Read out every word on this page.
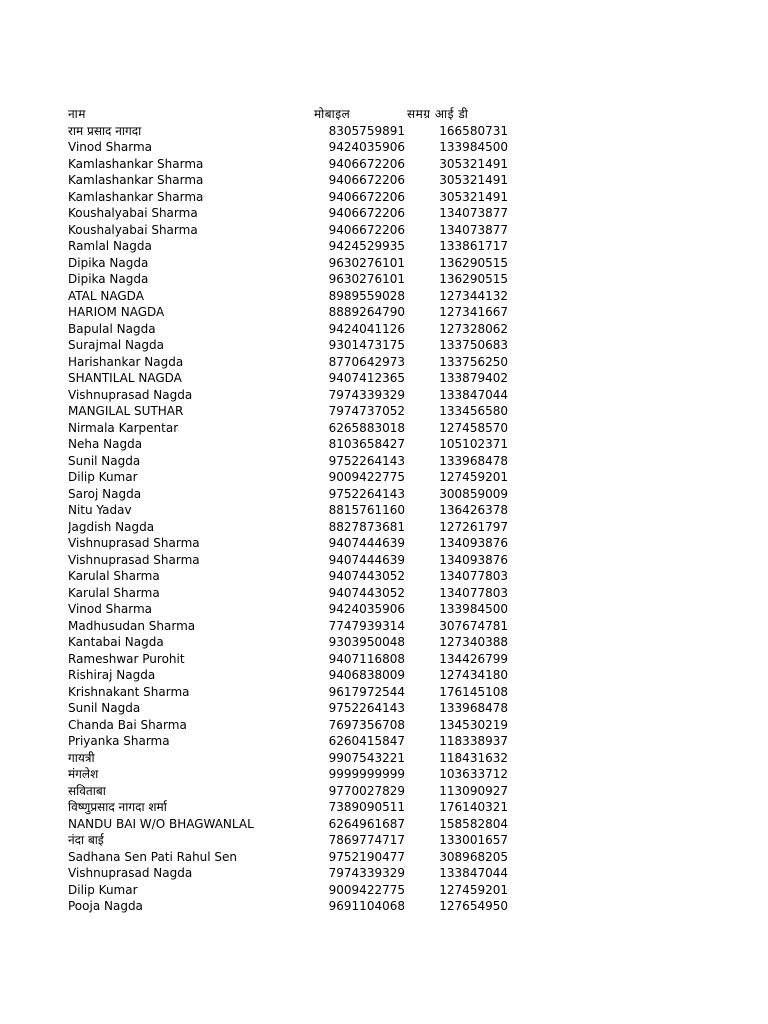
नाम	मोबाइल	समग्र आई डी
राम प्रसाद नागदा	8305759891	166580731
Vinod Sharma	9424035906	133984500
Kamlashankar Sharma	9406672206	305321491
Kamlashankar Sharma	9406672206	305321491
Kamlashankar Sharma	9406672206	305321491
Koushalyabai Sharma	9406672206	134073877
Koushalyabai Sharma	9406672206	134073877
Ramlal Nagda	9424529935	133861717
Dipika Nagda	9630276101	136290515
Dipika Nagda	9630276101	136290515
ATAL NAGDA	8989559028	127344132
HARIOM NAGDA	8889264790	127341667
Bapulal Nagda	9424041126	127328062
Surajmal Nagda	9301473175	133750683
Harishankar Nagda	8770642973	133756250
SHANTILAL NAGDA	9407412365	133879402
Vishnuprasad Nagda	7974339329	133847044
MANGILAL SUTHAR	7974737052	133456580
Nirmala Karpentar	6265883018	127458570
Neha Nagda	8103658427	105102371
Sunil Nagda	9752264143	133968478
Dilip Kumar	9009422775	127459201
Saroj Nagda	9752264143	300859009
Nitu Yadav	8815761160	136426378
Jagdish Nagda	8827873681	127261797
Vishnuprasad Sharma	9407444639	134093876
Vishnuprasad Sharma	9407444639	134093876
Karulal Sharma	9407443052	134077803
Karulal Sharma	9407443052	134077803
Vinod Sharma	9424035906	133984500
Madhusudan Sharma	7747939314	307674781
Kantabai Nagda	9303950048	127340388
Rameshwar Purohit	9407116808	134426799
Rishiraj Nagda	9406838009	127434180
Krishnakant Sharma	9617972544	176145108
Sunil Nagda	9752264143	133968478
Chanda Bai Sharma	7697356708	134530219
Priyanka Sharma	6260415847	118338937
गायत्री	9907543221	118431632
मंगलेश	9999999999	103633712
सविताबा	9770027829	113090927
विष्णुप्रसाद नागदा शर्मा	7389090511	176140321
NANDU BAI W/O BHAGWANLAL	6264961687	158582804
नंदा बाई	7869774717	133001657
Sadhana Sen Pati Rahul Sen	9752190477	308968205
Vishnuprasad Nagda	7974339329	133847044
Dilip Kumar	9009422775	127459201
Pooja Nagda	9691104068	127654950
